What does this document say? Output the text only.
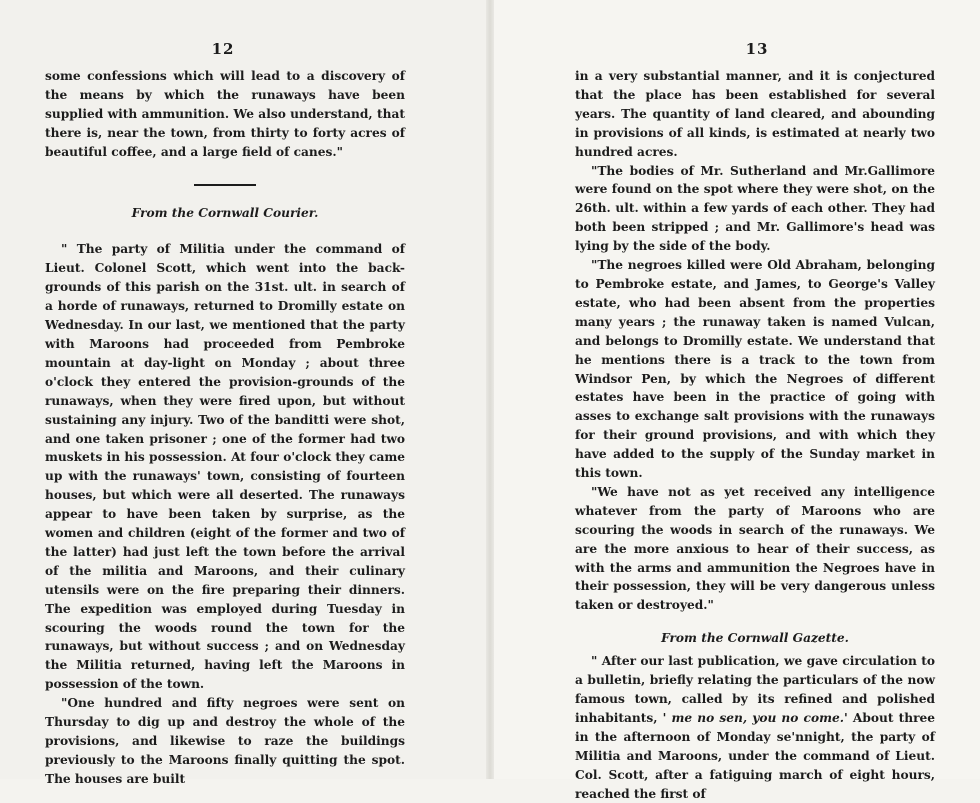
12

some confessions which will lead to a discovery of the means by which the runaways have been supplied with ammunition. We also understand, that there is, near the town, from thirty to forty acres of beautiful coffee, and a large field of canes."

From the Cornwall Courier.

" The party of Militia under the command of Lieut. Colonel Scott, which went into the back-grounds of this parish on the 31st. ult. in search of a horde of runaways, returned to Dromilly estate on Wednesday. In our last, we mentioned that the party with Maroons had proceeded from Pembroke mountain at day-light on Monday ; about three o'clock they entered the provision-grounds of the runaways, when they were fired upon, but without sustaining any injury. Two of the banditti were shot, and one taken prisoner ; one of the former had two muskets in his possession. At four o'clock they came up with the runaways' town, consisting of fourteen houses, but which were all deserted. The runaways appear to have been taken by surprise, as the women and children (eight of the former and two of the latter) had just left the town before the arrival of the militia and Maroons, and their culinary utensils were on the fire preparing their dinners. The expedition was employed during Tuesday in scouring the woods round the town for the runaways, but without success ; and on Wednesday the Militia returned, having left the Maroons in possession of the town.

"One hundred and fifty negroes were sent on Thursday to dig up and destroy the whole of the provisions, and likewise to raze the buildings previously to the Maroons finally quitting the spot. The houses are built

13

in a very substantial manner, and it is conjectured that the place has been established for several years. The quantity of land cleared, and abounding in provisions of all kinds, is estimated at nearly two hundred acres.

"The bodies of Mr. Sutherland and Mr.Gallimore were found on the spot where they were shot, on the 26th. ult. within a few yards of each other. They had both been stripped ; and Mr. Gallimore's head was lying by the side of the body.

"The negroes killed were Old Abraham, belonging to Pembroke estate, and James, to George's Valley estate, who had been absent from the properties many years ; the runaway taken is named Vulcan, and belongs to Dromilly estate. We understand that he mentions there is a track to the town from Windsor Pen, by which the Negroes of different estates have been in the practice of going with asses to exchange salt provisions with the runaways for their ground provisions, and with which they have added to the supply of the Sunday market in this town.

"We have not as yet received any intelligence whatever from the party of Maroons who are scouring the woods in search of the runaways. We are the more anxious to hear of their success, as with the arms and ammunition the Negroes have in their possession, they will be very dangerous unless taken or destroyed."

From the Cornwall Gazette.

" After our last publication, we gave circulation to a bulletin, briefly relating the particulars of the now famous town, called by its refined and polished inhabitants, ' me no sen, you no come.' About three in the afternoon of Monday se'nnight, the party of Militia and Maroons, under the command of Lieut. Col. Scott, after a fatiguing march of eight hours, reached the first of
